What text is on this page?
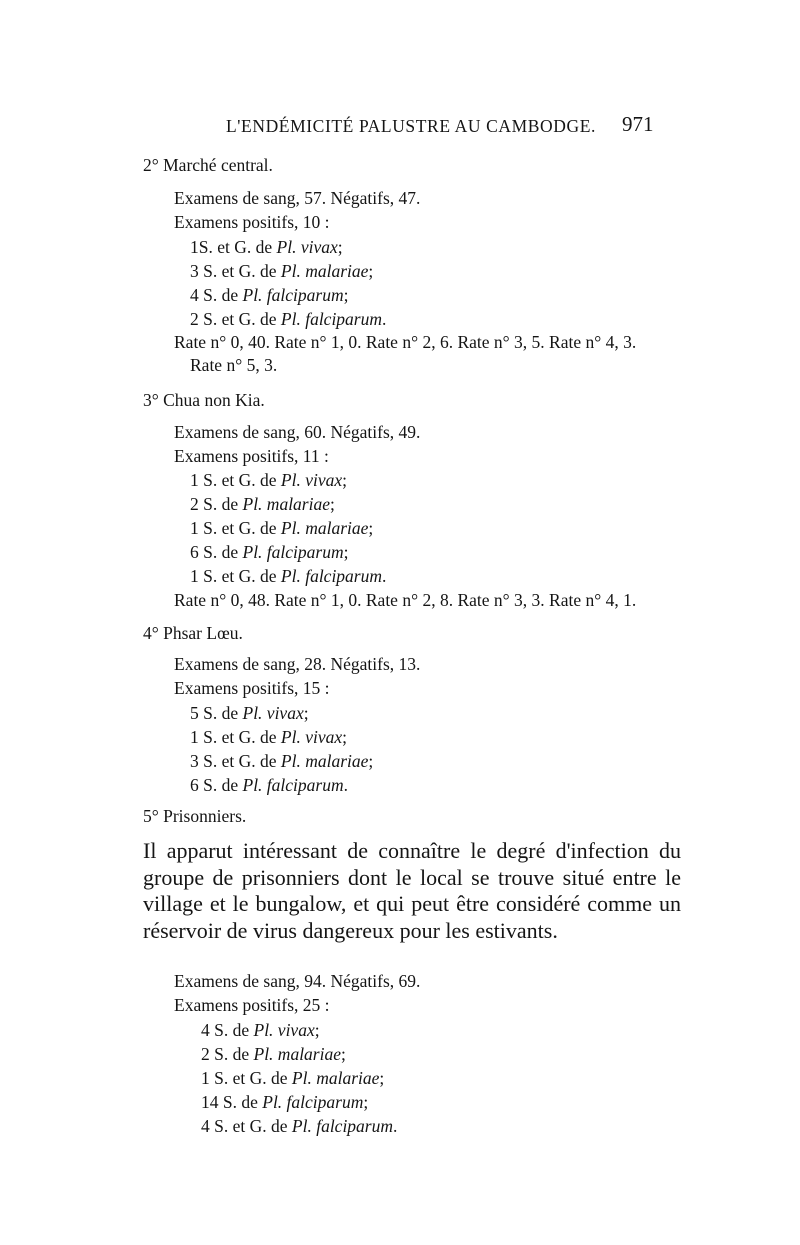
L'ENDÉMICITÉ PALUSTRE AU CAMBODGE. 971
2° Marché central.
Examens de sang, 57. Négatifs, 47.
Examens positifs, 10 :
1S. et G. de Pl. vivax;
3 S. et G. de Pl. malariae;
4 S. de Pl. falciparum;
2 S. et G. de Pl. falciparum.
Rate n° 0, 40. Rate n° 1, 0. Rate n° 2, 6. Rate n° 3, 5. Rate n° 4, 3.
Rate n° 5, 3.
3° Chua non Kia.
Examens de sang, 60. Négatifs, 49.
Examens positifs, 11 :
1 S. et G. de Pl. vivax;
2 S. de Pl. malariae;
1 S. et G. de Pl. malariae;
6 S. de Pl. falciparum;
1 S. et G. de Pl. falciparum.
Rate n° 0, 48. Rate n° 1, 0. Rate n° 2, 8. Rate n° 3, 3. Rate n° 4, 1.
4° Phsar Lœu.
Examens de sang, 28. Négatifs, 13.
Examens positifs, 15 :
5 S. de Pl. vivax;
1 S. et G. de Pl. vivax;
3 S. et G. de Pl. malariae;
6 S. de Pl. falciparum.
5° Prisonniers.
Il apparut intéressant de connaître le degré d'infection du
groupe de prisonniers dont le local se trouve situé entre le
village et le bungalow, et qui peut être considéré comme un
réservoir de virus dangereux pour les estivants.
Examens de sang, 94. Négatifs, 69.
Examens positifs, 25 :
4 S. de Pl. vivax;
2 S. de Pl. malariae;
1 S. et G. de Pl. malariae;
14 S. de Pl. falciparum;
4 S. et G. de Pl. falciparum.
